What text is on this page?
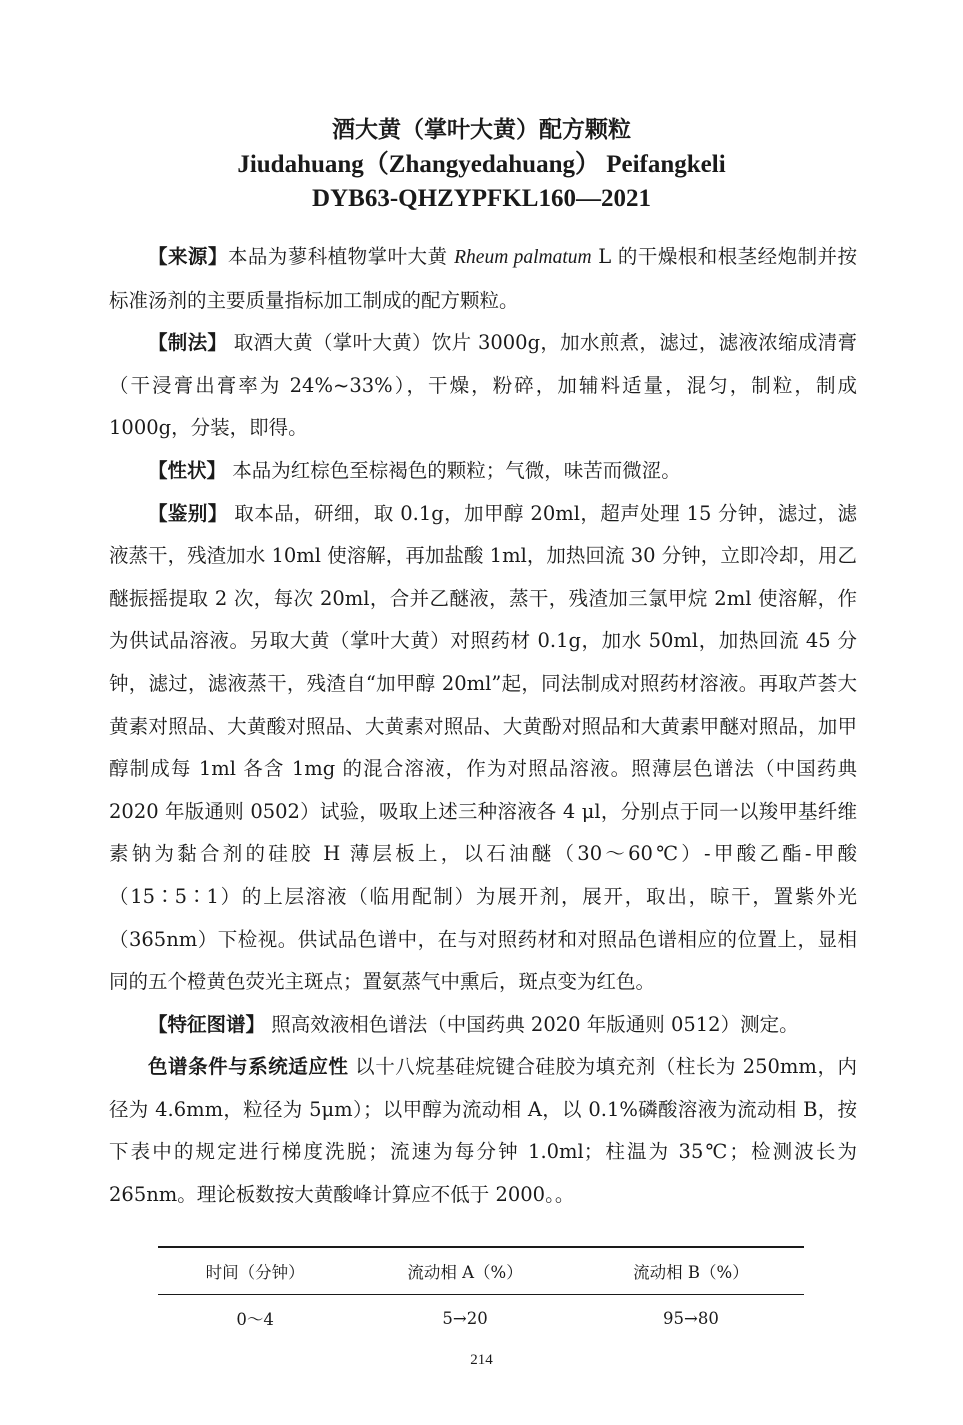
酒大黄（掌叶大黄）配方颗粒
Jiudahuang（Zhangyedahuang） Peifangkeli
DYB63-QHZYPFKL160—2021

【来源】本品为蓼科植物掌叶大黄 Rheum palmatum L 的干燥根和根茎经炮制并按标准汤剂的主要质量指标加工制成的配方颗粒。

【制法】 取酒大黄（掌叶大黄）饮片 3000g，加水煎煮，滤过，滤液浓缩成清膏（干浸膏出膏率为 24%~33%），干燥，粉碎，加辅料适量，混匀，制粒，制成 1000g，分装，即得。

【性状】 本品为红棕色至棕褐色的颗粒；气微，味苦而微涩。

【鉴别】 取本品，研细，取 0.1g，加甲醇 20ml，超声处理 15 分钟，滤过，滤液蒸干，残渣加水 10ml 使溶解，再加盐酸 1ml，加热回流 30 分钟，立即冷却，用乙醚振摇提取 2 次，每次 20ml，合并乙醚液，蒸干，残渣加三氯甲烷 2ml 使溶解，作为供试品溶液。另取大黄（掌叶大黄）对照药材 0.1g，加水 50ml，加热回流 45 分钟，滤过，滤液蒸干，残渣自“加甲醇 20ml”起，同法制成对照药材溶液。再取芦荟大黄素对照品、大黄酸对照品、大黄素对照品、大黄酚对照品和大黄素甲醚对照品，加甲醇制成每 1ml 各含 1mg 的混合溶液，作为对照品溶液。照薄层色谱法（中国药典 2020 年版通则 0502）试验，吸取上述三种溶液各 4 μl，分别点于同一以羧甲基纤维素钠为黏合剂的硅胶 H 薄层板上，以石油醚（30～60℃）-甲酸乙酯-甲酸（15∶5∶1）的上层溶液（临用配制）为展开剂，展开，取出，晾干，置紫外光（365nm）下检视。供试品色谱中，在与对照药材和对照品色谱相应的位置上，显相同的五个橙黄色荧光主斑点；置氨蒸气中熏后，斑点变为红色。

【特征图谱】 照高效液相色谱法（中国药典 2020 年版通则 0512）测定。

色谱条件与系统适应性 以十八烷基硅烷键合硅胶为填充剂（柱长为 250mm，内径为 4.6mm，粒径为 5μm）；以甲醇为流动相 A，以 0.1%磷酸溶液为流动相 B，按下表中的规定进行梯度洗脱；流速为每分钟 1.0ml；柱温为 35℃；检测波长为 265nm。理论板数按大黄酸峰计算应不低于 2000。。

时间（分钟）	流动相 A（%）	流动相 B（%）
0～4	5→20	95→80
214
